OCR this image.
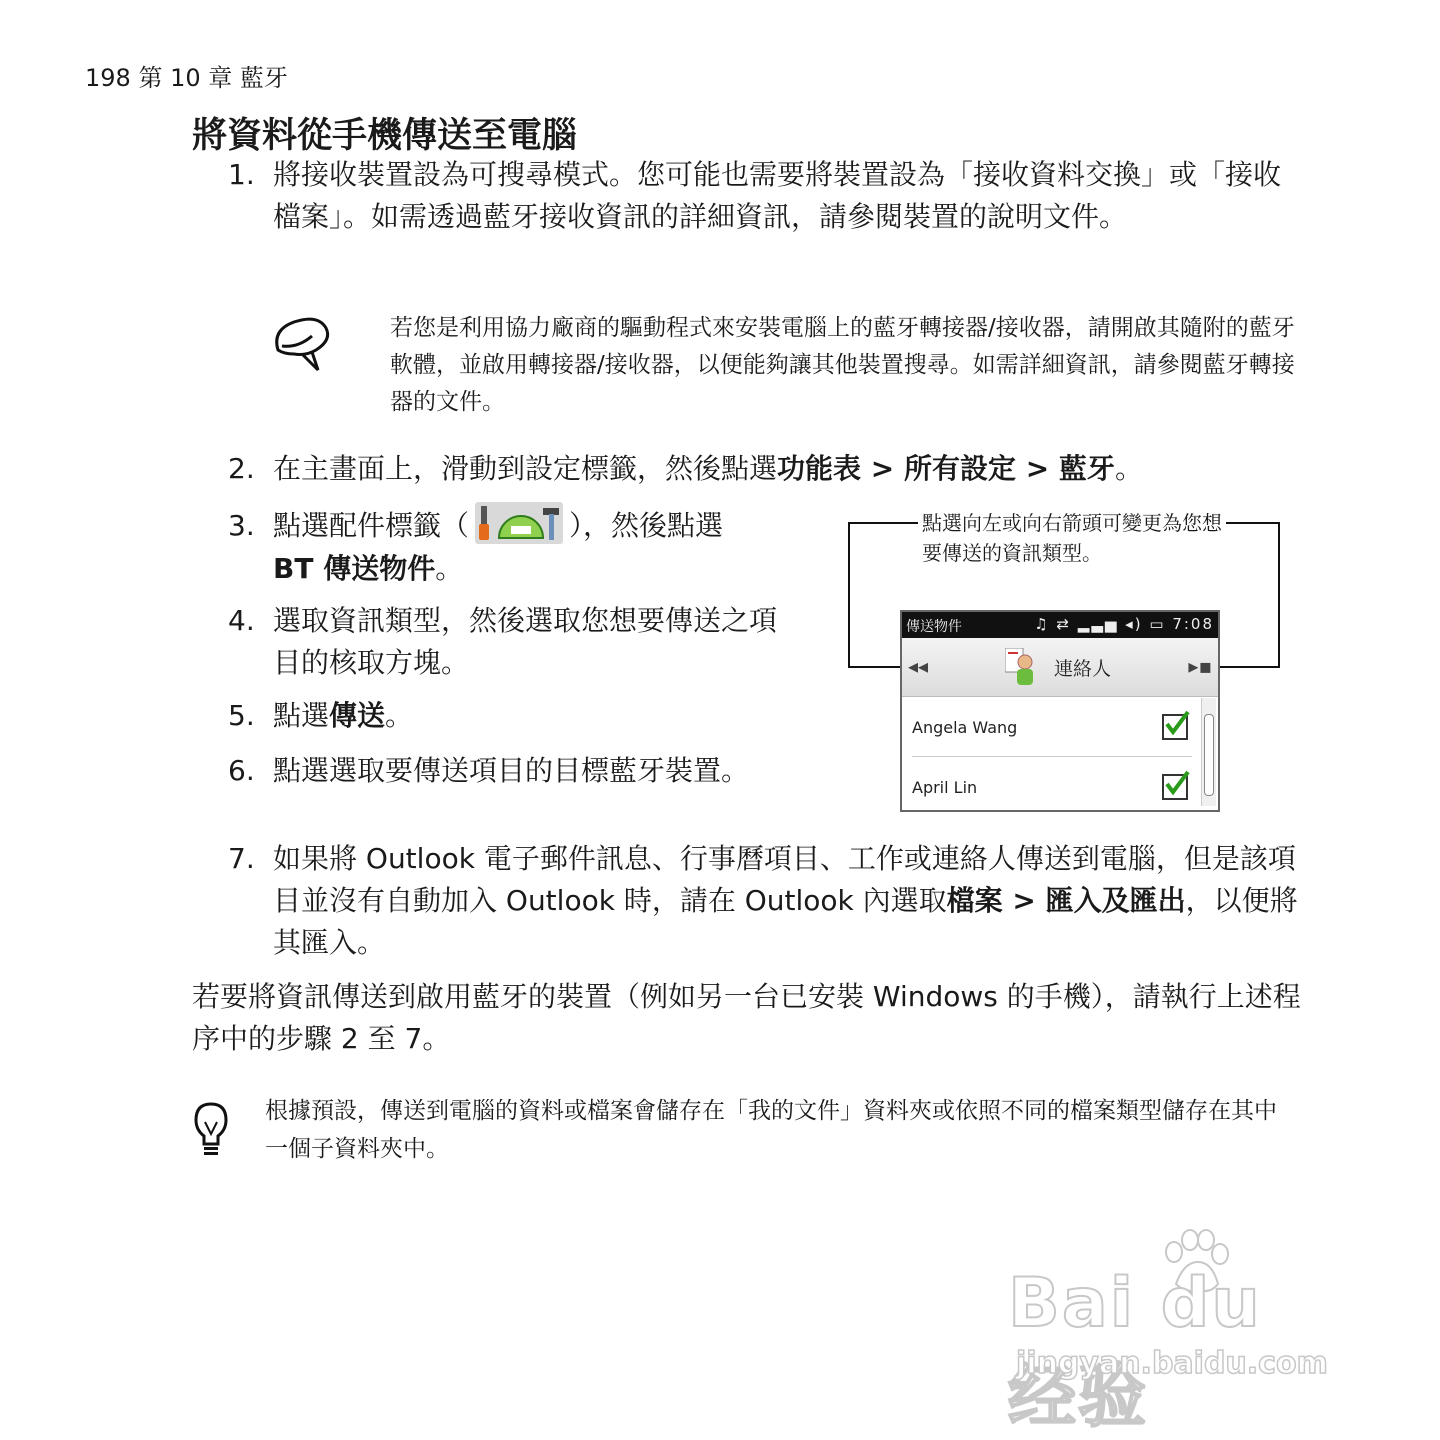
198 第 10 章 藍牙
將資料從手機傳送至電腦
1. 將接收裝置設為可搜尋模式。您可能也需要將裝置設為「接收資料交換」或「接收檔案」。如需透過藍牙接收資訊的詳細資訊，請參閱裝置的說明文件。
若您是利用協力廠商的驅動程式來安裝電腦上的藍牙轉接器/接收器，請開啟其隨附的藍牙軟體，並啟用轉接器/接收器，以便能夠讓其他裝置搜尋。如需詳細資訊，請參閱藍牙轉接器的文件。
2. 在主畫面上，滑動到設定標籤，然後點選功能表 > 所有設定 > 藍牙。
3. 點選配件標籤（	），然後點選
BT 傳送物件。
4. 選取資訊類型，然後選取您想要傳送之項目的核取方塊。
5. 點選傳送。
6. 點選選取要傳送項目的目標藍牙裝置。
7. 如果將 Outlook 電子郵件訊息、行事曆項目、工作或連絡人傳送到電腦，但是該項目並沒有自動加入 Outlook 時，請在 Outlook 內選取檔案 > 匯入及匯出，以便將其匯入。
點選向左或向右箭頭可變更為您想要傳送的資訊類型。
傳送物件	♫ ⇄ ▂▃▅ ◂) ▭ 7:08
◂◂	連絡人	▸▪
Angela Wang
April Lin
若要將資訊傳送到啟用藍牙的裝置（例如另一台已安裝 Windows 的手機），請執行上述程序中的步驟 2 至 7。
根據預設，傳送到電腦的資料或檔案會儲存在「我的文件」資料夾或依照不同的檔案類型儲存在其中一個子資料夾中。
Bai du 经验
jingyan.baidu.com
